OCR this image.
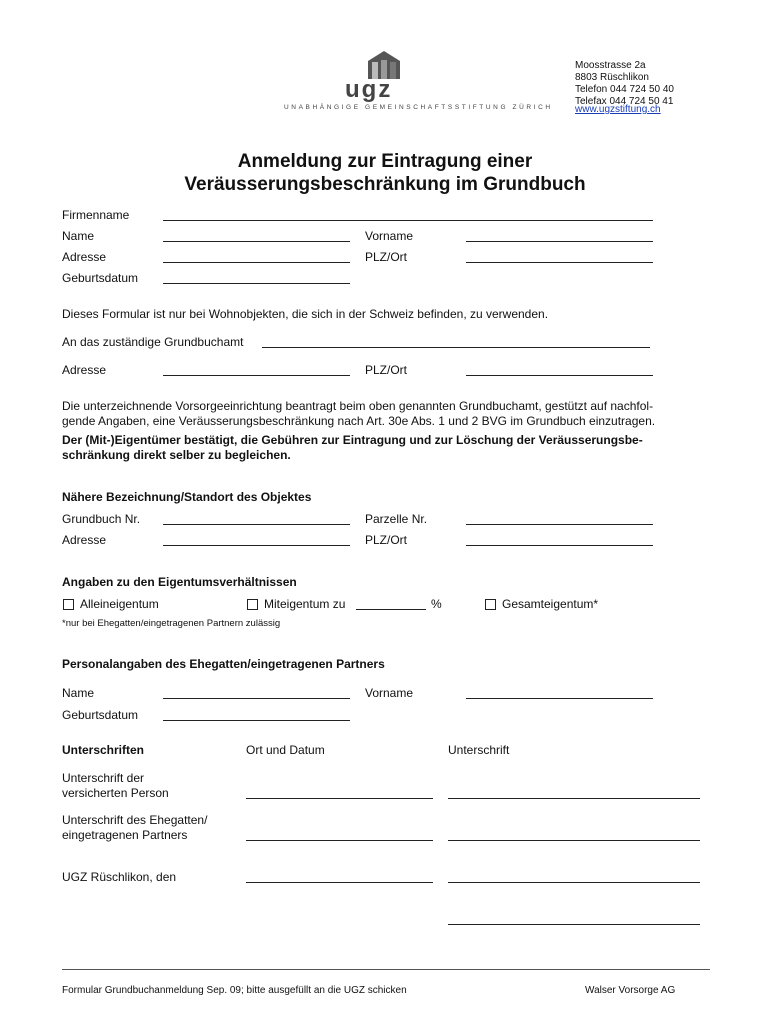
ugz
UNABHÄNGIGE GEMEINSCHAFTSSTIFTUNG ZÜRICH
Moosstrasse 2a
8803 Rüschlikon
Telefon 044 724 50 40
Telefax 044 724 50 41
www.ugzstiftung.ch
Anmeldung zur Eintragung einer
Veräusserungsbeschränkung im Grundbuch
Firmenname
Name	Vorname
Adresse	PLZ/Ort
Geburtsdatum
Dieses Formular ist nur bei Wohnobjekten, die sich in der Schweiz befinden, zu verwenden.
An das zuständige Grundbuchamt
Adresse	PLZ/Ort
Die unterzeichnende Vorsorgeeinrichtung beantragt beim oben genannten Grundbuchamt, gestützt auf nachfol-
gende Angaben, eine Veräusserungsbeschränkung nach Art. 30e Abs. 1 und 2 BVG im Grundbuch einzutragen.
Der (Mit-)Eigentümer bestätigt, die Gebühren zur Eintragung und zur Löschung der Veräusserungsbe-
schränkung direkt selber zu begleichen.
Nähere Bezeichnung/Standort des Objektes
Grundbuch Nr.	Parzelle Nr.
Adresse	PLZ/Ort
Angaben zu den Eigentumsverhältnissen
Alleineigentum	Miteigentum zu	%	Gesamteigentum*
*nur bei Ehegatten/eingetragenen Partnern zulässig
Personalangaben des Ehegatten/eingetragenen Partners
Name	Vorname
Geburtsdatum
Unterschriften	Ort und Datum	Unterschrift
Unterschrift der
versicherten Person
Unterschrift des Ehegatten/
eingetragenen Partners
UGZ Rüschlikon, den
Formular Grundbuchanmeldung Sep. 09; bitte ausgefüllt an die UGZ schicken	Walser Vorsorge AG
